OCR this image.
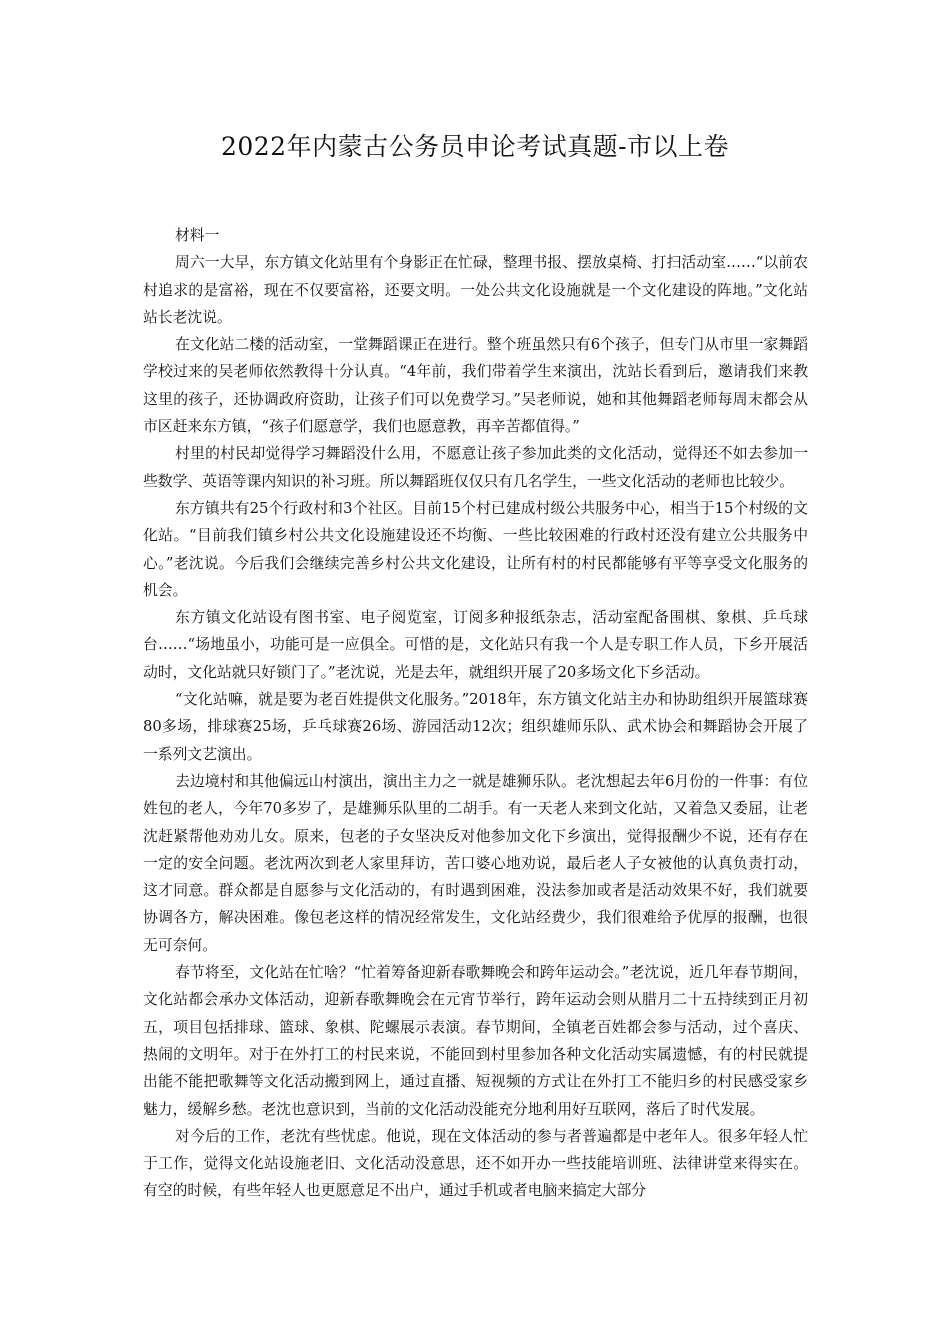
2022年内蒙古公务员申论考试真题-市以上卷

材料一

周六一大早，东方镇文化站里有个身影正在忙碌，整理书报、摆放桌椅、打扫活动室……“以前农村追求的是富裕，现在不仅要富裕，还要文明。一处公共文化设施就是一个文化建设的阵地。”文化站站长老沈说。

在文化站二楼的活动室，一堂舞蹈课正在进行。整个班虽然只有6个孩子，但专门从市里一家舞蹈学校过来的吴老师依然教得十分认真。“4年前，我们带着学生来演出，沈站长看到后，邀请我们来教这里的孩子，还协调政府资助，让孩子们可以免费学习。”吴老师说，她和其他舞蹈老师每周末都会从市区赶来东方镇，“孩子们愿意学，我们也愿意教，再辛苦都值得。”

村里的村民却觉得学习舞蹈没什么用，不愿意让孩子参加此类的文化活动，觉得还不如去参加一些数学、英语等课内知识的补习班。所以舞蹈班仅仅只有几名学生，一些文化活动的老师也比较少。

东方镇共有25个行政村和3个社区。目前15个村已建成村级公共服务中心，相当于15个村级的文化站。“目前我们镇乡村公共文化设施建设还不均衡、一些比较困难的行政村还没有建立公共服务中心。”老沈说。今后我们会继续完善乡村公共文化建设，让所有村的村民都能够有平等享受文化服务的机会。

东方镇文化站设有图书室、电子阅览室，订阅多种报纸杂志，活动室配备围棋、象棋、乒乓球台……“场地虽小，功能可是一应俱全。可惜的是，文化站只有我一个人是专职工作人员，下乡开展活动时，文化站就只好锁门了。”老沈说，光是去年，就组织开展了20多场文化下乡活动。

“文化站嘛，就是要为老百姓提供文化服务。”2018年，东方镇文化站主办和协助组织开展篮球赛80多场，排球赛25场，乒乓球赛26场、游园活动12次；组织雄师乐队、武术协会和舞蹈协会开展了一系列文艺演出。

去边境村和其他偏远山村演出，演出主力之一就是雄狮乐队。老沈想起去年6月份的一件事：有位姓包的老人，今年70多岁了，是雄狮乐队里的二胡手。有一天老人来到文化站，又着急又委屈，让老沈赶紧帮他劝劝儿女。原来，包老的子女坚决反对他参加文化下乡演出，觉得报酬少不说，还有存在一定的安全问题。老沈两次到老人家里拜访，苦口婆心地劝说，最后老人子女被他的认真负责打动，这才同意。群众都是自愿参与文化活动的，有时遇到困难，没法参加或者是活动效果不好，我们就要协调各方，解决困难。像包老这样的情况经常发生，文化站经费少，我们很难给予优厚的报酬，也很无可奈何。

春节将至，文化站在忙啥？“忙着筹备迎新春歌舞晚会和跨年运动会。”老沈说，近几年春节期间，文化站都会承办文体活动，迎新春歌舞晚会在元宵节举行，跨年运动会则从腊月二十五持续到正月初五，项目包括排球、篮球、象棋、陀螺展示表演。春节期间，全镇老百姓都会参与活动，过个喜庆、热闹的文明年。对于在外打工的村民来说，不能回到村里参加各种文化活动实属遗憾，有的村民就提出能不能把歌舞等文化活动搬到网上，通过直播、短视频的方式让在外打工不能归乡的村民感受家乡魅力，缓解乡愁。老沈也意识到，当前的文化活动没能充分地利用好互联网，落后了时代发展。

对今后的工作，老沈有些忧虑。他说，现在文体活动的参与者普遍都是中老年人。很多年轻人忙于工作，觉得文化站设施老旧、文化活动没意思，还不如开办一些技能培训班、法律讲堂来得实在。有空的时候，有些年轻人也更愿意足不出户，通过手机或者电脑来搞定大部分
